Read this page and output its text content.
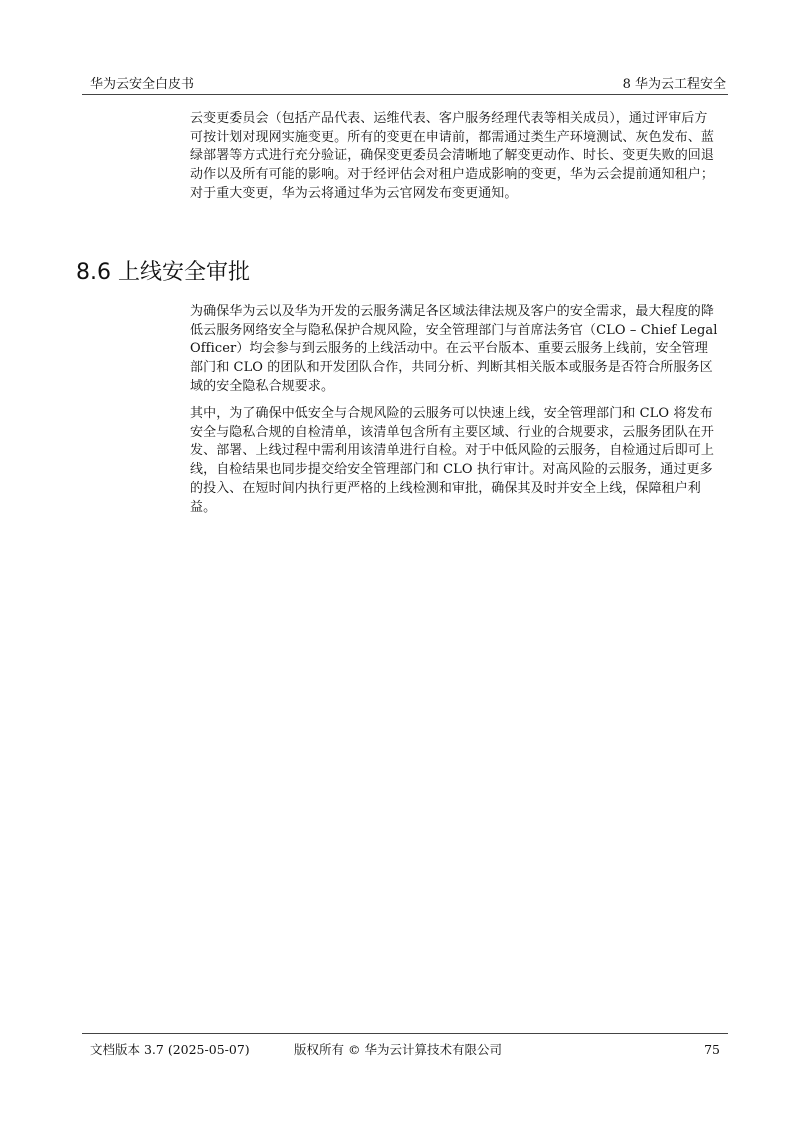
华为云安全白皮书	8 华为云工程安全

云变更委员会（包括产品代表、运维代表、客户服务经理代表等相关成员），通过评审后方可按计划对现网实施变更。所有的变更在申请前，都需通过类生产环境测试、灰色发布、蓝绿部署等方式进行充分验证，确保变更委员会清晰地了解变更动作、时长、变更失败的回退动作以及所有可能的影响。对于经评估会对租户造成影响的变更，华为云会提前通知租户；对于重大变更，华为云将通过华为云官网发布变更通知。

8.6 上线安全审批

为确保华为云以及华为开发的云服务满足各区域法律法规及客户的安全需求，最大程度的降低云服务网络安全与隐私保护合规风险，安全管理部门与首席法务官（CLO – Chief Legal Officer）均会参与到云服务的上线活动中。在云平台版本、重要云服务上线前，安全管理部门和 CLO 的团队和开发团队合作，共同分析、判断其相关版本或服务是否符合所服务区域的安全隐私合规要求。

其中，为了确保中低安全与合规风险的云服务可以快速上线，安全管理部门和 CLO 将发布安全与隐私合规的自检清单，该清单包含所有主要区域、行业的合规要求，云服务团队在开发、部署、上线过程中需利用该清单进行自检。对于中低风险的云服务，自检通过后即可上线，自检结果也同步提交给安全管理部门和 CLO 执行审计。对高风险的云服务，通过更多的投入、在短时间内执行更严格的上线检测和审批，确保其及时并安全上线，保障租户利益。

文档版本 3.7 (2025-05-07)	版权所有 © 华为云计算技术有限公司	75
